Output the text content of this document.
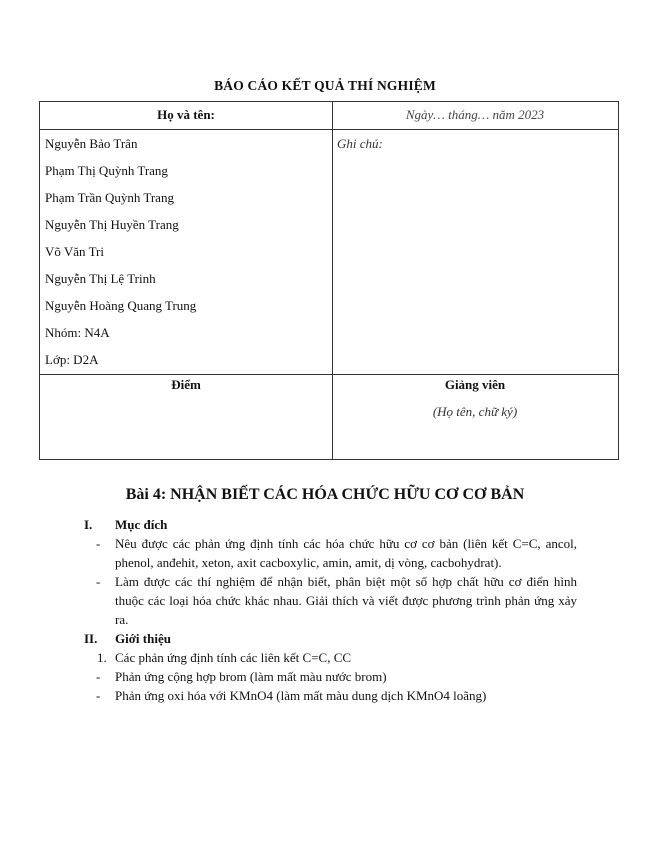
BÁO CÁO KẾT QUẢ THÍ NGHIỆM
Họ và tên:	Ngày… tháng… năm 2023
Ghi chú:
Nguyễn Bảo Trân
Phạm Thị Quỳnh Trang
Phạm Trần Quỳnh Trang
Nguyễn Thị Huyền Trang
Võ Văn Tri
Nguyễn Thị Lệ Trinh
Nguyễn Hoàng Quang Trung
Nhóm: N4A
Lớp: D2A
Điểm	Giảng viên
(Họ tên, chữ ký)
Bài 4: NHẬN BIẾT CÁC HÓA CHỨC HỮU CƠ CƠ BẢN
I. Mục đích
- Nêu được các phản ứng định tính các hóa chức hữu cơ cơ bản (liên kết C=C, ancol, phenol, anđehit, xeton, axit cacboxylic, amin, amit, dị vòng, cacbohydrat).
- Làm được các thí nghiệm để nhận biết, phân biệt một số hợp chất hữu cơ điển hình thuộc các loại hóa chức khác nhau. Giải thích và viết được phương trình phản ứng xảy ra.
II. Giới thiệu
1. Các phản ứng định tính các liên kết C=C, CC
- Phản ứng cộng hợp brom (làm mất màu nước brom)
- Phản ứng oxi hóa với KMnO4 (làm mất màu dung dịch KMnO4 loãng)
